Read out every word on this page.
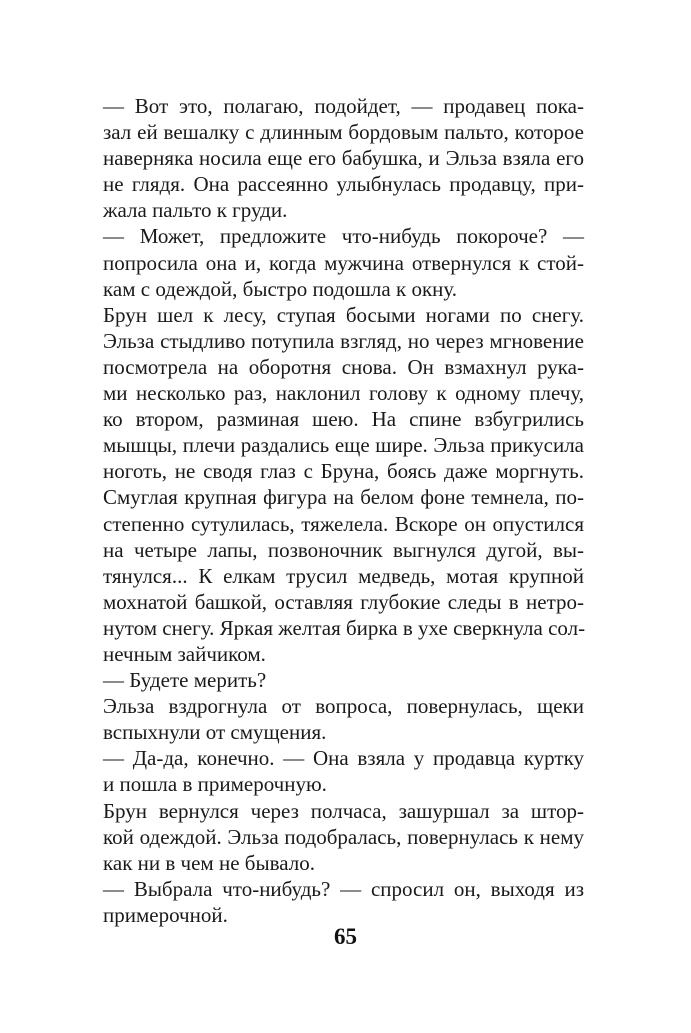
— Вот это, полагаю, подойдет, — продавец пока-
зал ей вешалку с длинным бордовым пальто, которое
наверняка носила еще его бабушка, и Эльза взяла его
не глядя. Она рассеянно улыбнулась продавцу, при-
жала пальто к груди.

— Может, предложите что-нибудь покороче? —
попросила она и, когда мужчина отвернулся к стой-
кам с одеждой, быстро подошла к окну.

Брун шел к лесу, ступая босыми ногами по снегу.
Эльза стыдливо потупила взгляд, но через мгновение
посмотрела на оборотня снова. Он взмахнул рука-
ми несколько раз, наклонил голову к одному плечу,
ко втором, разминая шею. На спине взбугрились
мышцы, плечи раздались еще шире. Эльза прикусила
ноготь, не сводя глаз с Бруна, боясь даже моргнуть.
Смуглая крупная фигура на белом фоне темнела, по-
степенно сутулилась, тяжелела. Вскоре он опустился
на четыре лапы, позвоночник выгнулся дугой, вы-
тянулся... К елкам трусил медведь, мотая крупной
мохнатой башкой, оставляя глубокие следы в нетро-
нутом снегу. Яркая желтая бирка в ухе сверкнула сол-
нечным зайчиком.

— Будете мерить?

Эльза вздрогнула от вопроса, повернулась, щеки
вспыхнули от смущения.

— Да-да, конечно. — Она взяла у продавца куртку
и пошла в примерочную.

Брун вернулся через полчаса, зашуршал за штор-
кой одеждой. Эльза подобралась, повернулась к нему
как ни в чем не бывало.

— Выбрала что-нибудь? — спросил он, выходя из
примерочной.

65
